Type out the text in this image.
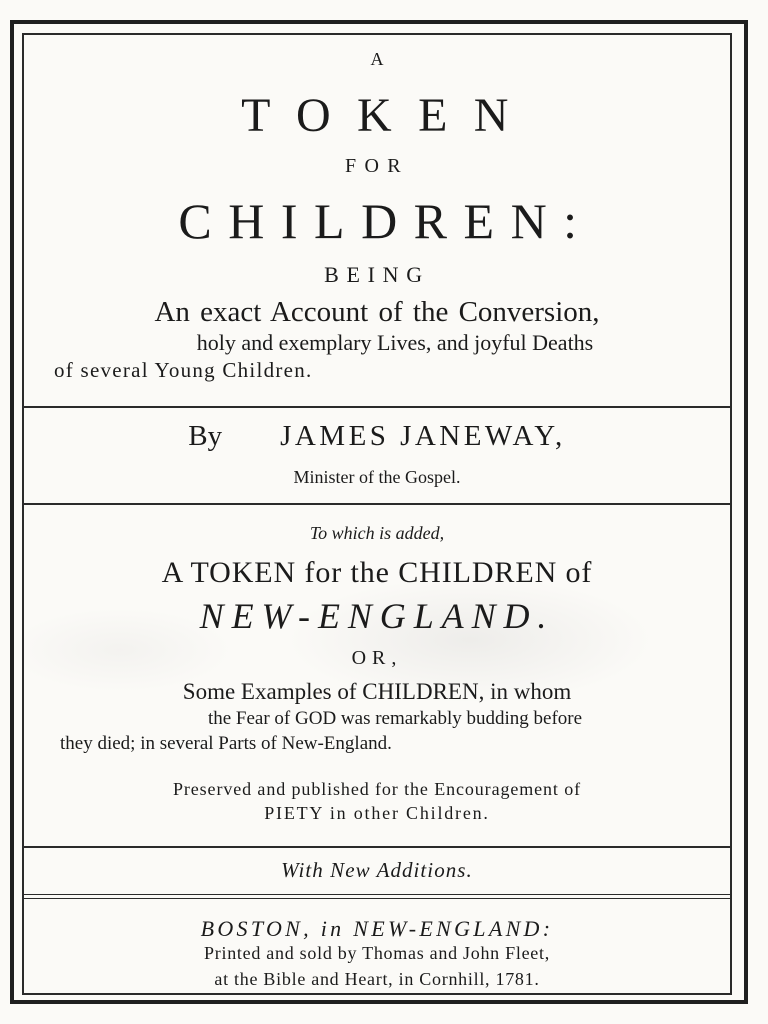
A
TOKEN
FOR
CHILDREN:
BEING
An exact Account of the Conversion,
holy and exemplary Lives, and joyful Deaths
of several Young Children.
By JAMES JANEWAY,
Minister of the Gospel.
To which is added,
A TOKEN for the CHILDREN of
NEW-ENGLAND.
OR,
Some Examples of CHILDREN, in whom
the Fear of GOD was remarkably budding before
they died; in several Parts of New-England.
Preserved and published for the Encouragement of
PIETY in other Children.
With New Additions.
BOSTON, in NEW-ENGLAND:
Printed and sold by Thomas and John Fleet,
at the Bible and Heart, in Cornhill, 1781.
